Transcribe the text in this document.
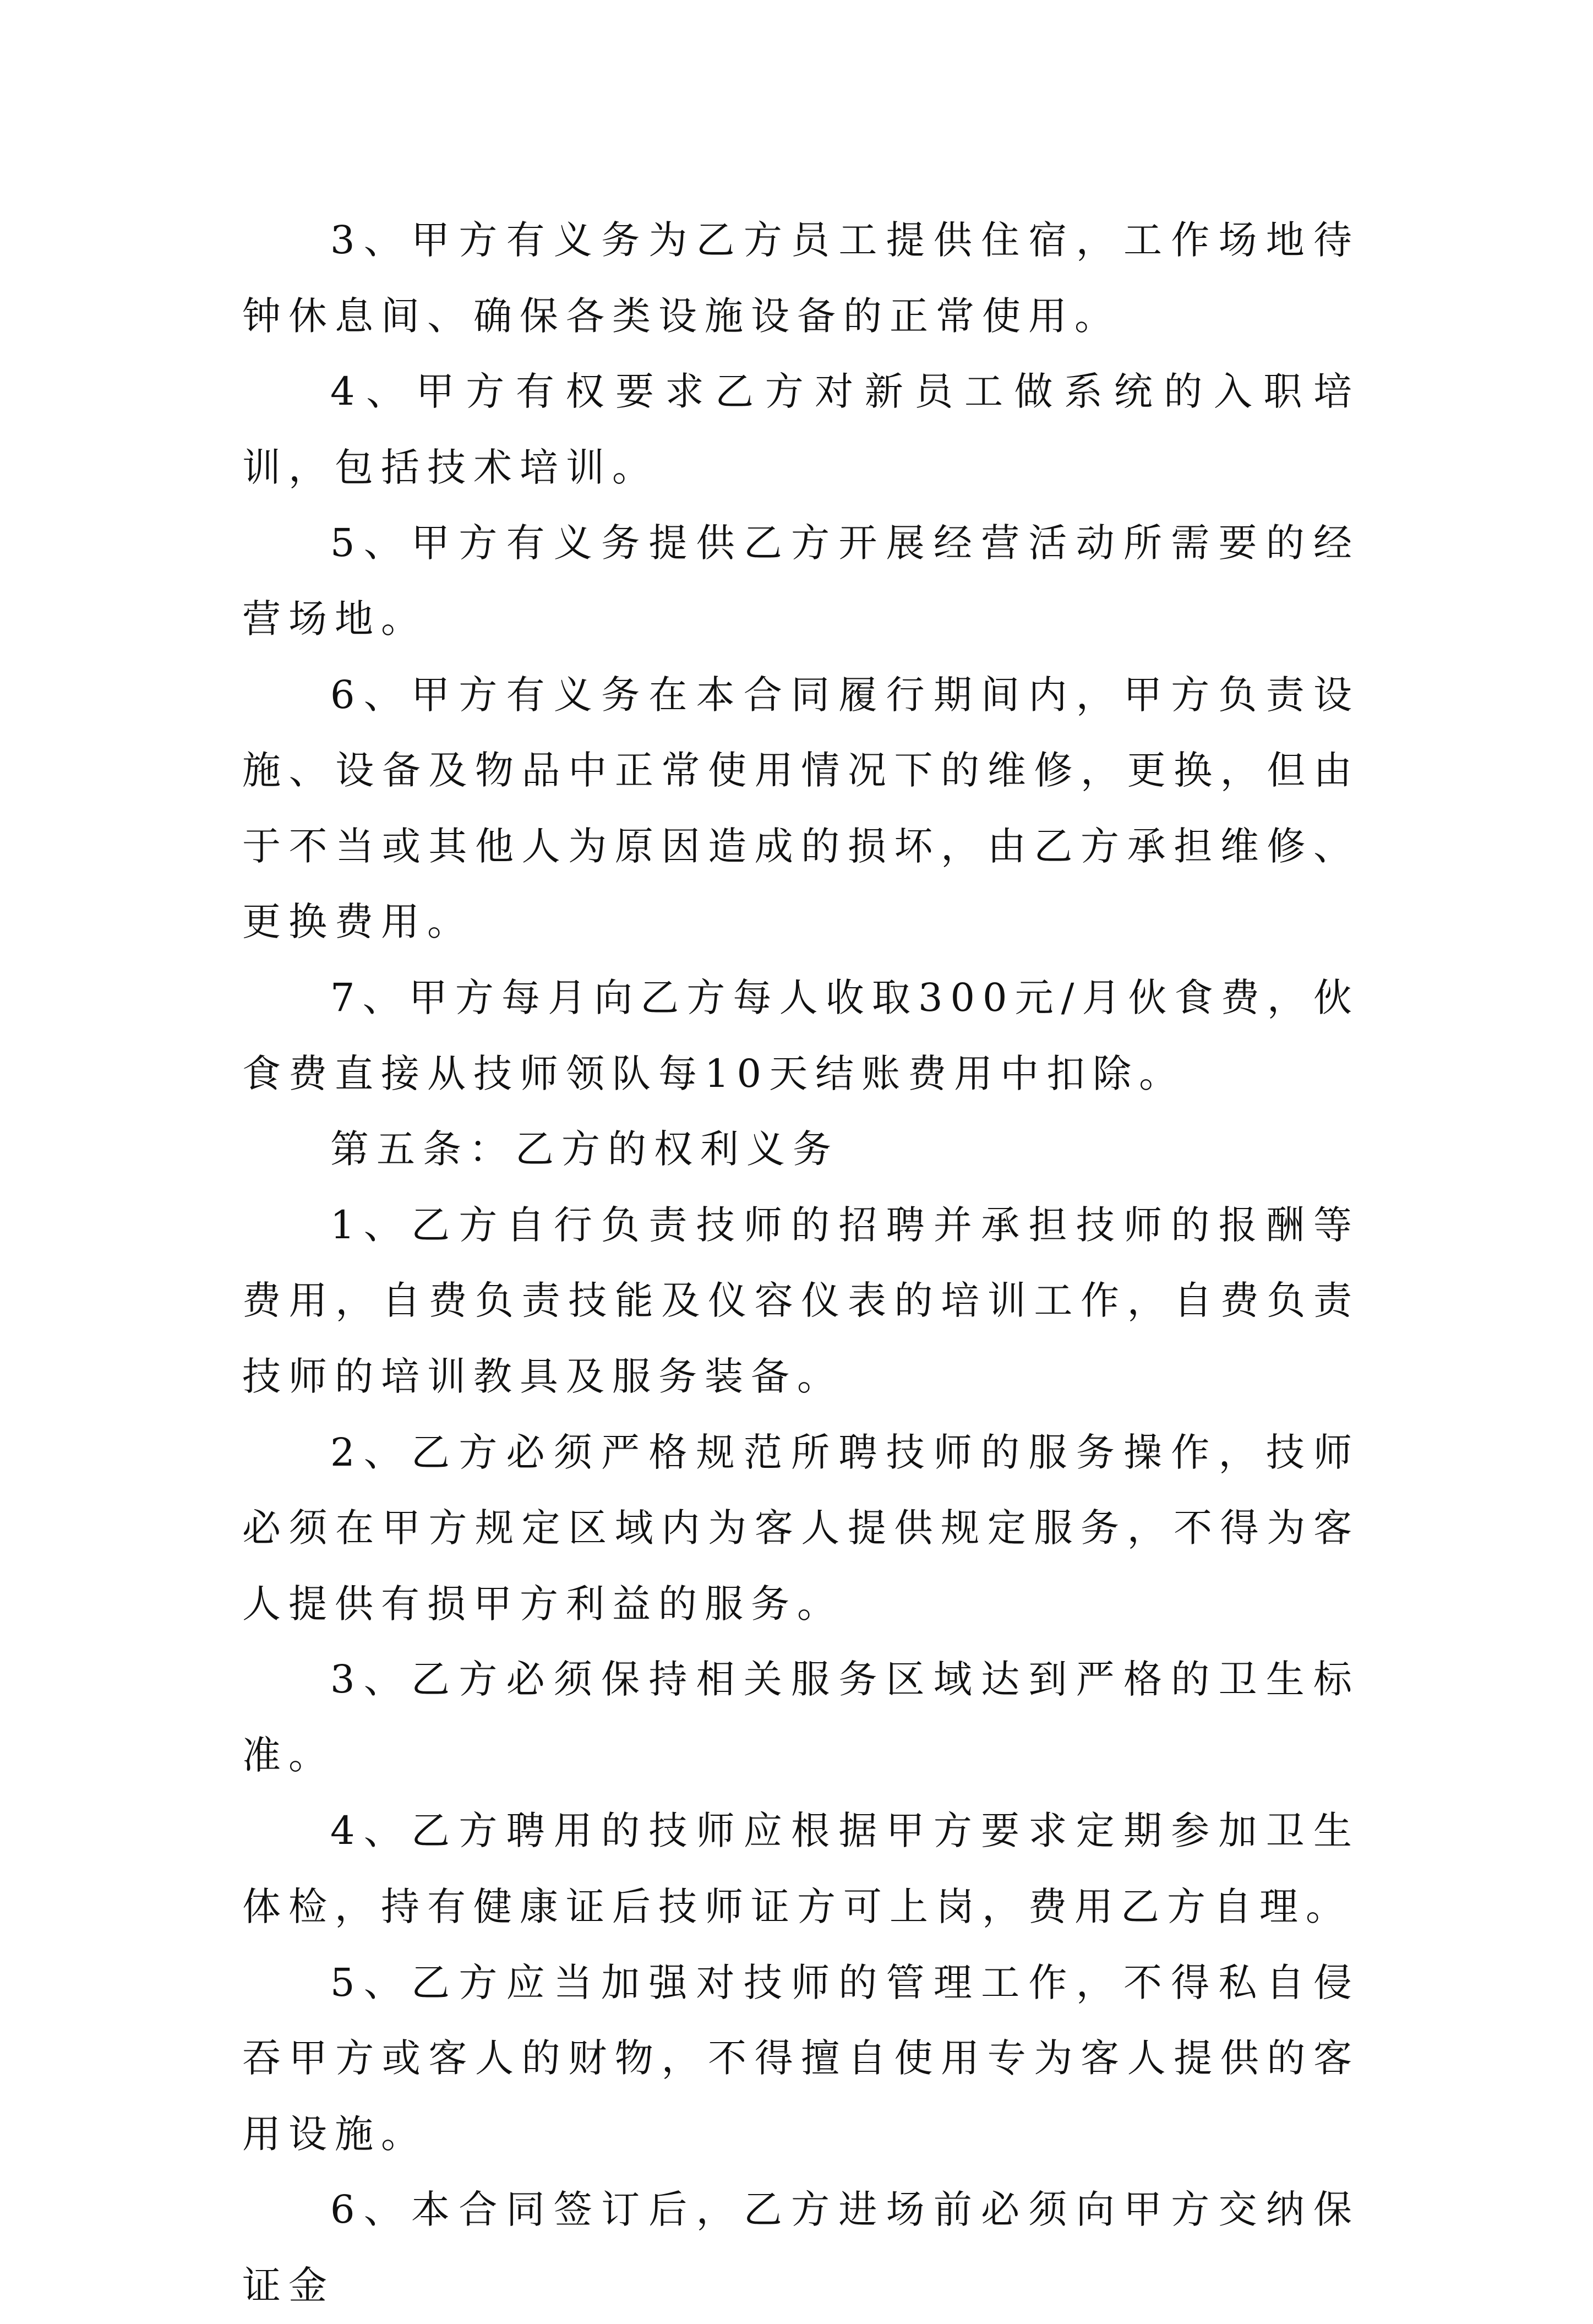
3、甲方有义务为乙方员工提供住宿，工作场地待钟休息间、确保各类设施设备的正常使用。

4、甲方有权要求乙方对新员工做系统的入职培训，包括技术培训。

5、甲方有义务提供乙方开展经营活动所需要的经营场地。

6、甲方有义务在本合同履行期间内，甲方负责设施、设备及物品中正常使用情况下的维修，更换，但由于不当或其他人为原因造成的损坏，由乙方承担维修、更换费用。

7、甲方每月向乙方每人收取300元/月伙食费，伙食费直接从技师领队每10天结账费用中扣除。

第五条：乙方的权利义务

1、乙方自行负责技师的招聘并承担技师的报酬等费用，自费负责技能及仪容仪表的培训工作，自费负责技师的培训教具及服务装备。

2、乙方必须严格规范所聘技师的服务操作，技师必须在甲方规定区域内为客人提供规定服务，不得为客人提供有损甲方利益的服务。

3、乙方必须保持相关服务区域达到严格的卫生标准。

4、乙方聘用的技师应根据甲方要求定期参加卫生体检，持有健康证后技师证方可上岗，费用乙方自理。

5、乙方应当加强对技师的管理工作，不得私自侵吞甲方或客人的财物，不得擅自使用专为客人提供的客用设施。

6、本合同签订后，乙方进场前必须向甲方交纳保证金
